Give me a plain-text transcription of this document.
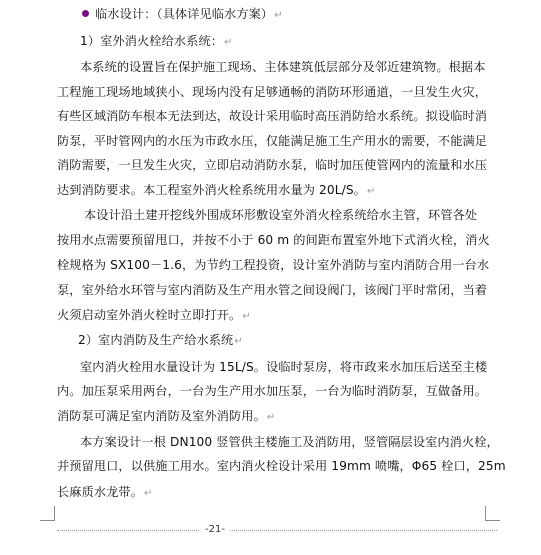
临水设计：（具体详见临水方案）↵
1）室外消火栓给水系统：↵
本系统的设置旨在保护施工现场、主体建筑低层部分及邻近建筑物。根据本
工程施工现场地域狭小、现场内没有足够通畅的消防环形通道，一旦发生火灾，
有些区域消防车根本无法到达，故设计采用临时高压消防给水系统。拟设临时消
防泵，平时管网内的水压为市政水压，仅能满足施工生产用水的需要，不能满足
消防需要，一旦发生火灾，立即启动消防水泵，临时加压使管网内的流量和水压
达到消防要求。本工程室外消火栓系统用水量为 20L/S。↵
本设计沿土建开挖线外围成环形敷设室外消火栓系统给水主管，环管各处
按用水点需要预留甩口，并按不小于 60 m 的间距布置室外地下式消火栓，消火
栓规格为 SX100－1.6，为节约工程投资，设计室外消防与室内消防合用一台水
泵，室外给水环管与室内消防及生产用水管之间设阀门，该阀门平时常闭，当着
火须启动室外消火栓时立即打开。↵
2）室内消防及生产给水系统↵
室内消火栓用水量设计为 15L/S。设临时泵房，将市政来水加压后送至主楼
内。加压泵采用两台，一台为生产用水加压泵，一台为临时消防泵，互做备用。
消防泵可满足室内消防及室外消防用。↵
本方案设计一根 DN100 竖管供主楼施工及消防用，竖管隔层设室内消火栓，
并预留甩口，以供施工用水。室内消火栓设计采用 19mm 喷嘴，Φ65 栓口，25m
长麻质水龙带。↵
-21-
